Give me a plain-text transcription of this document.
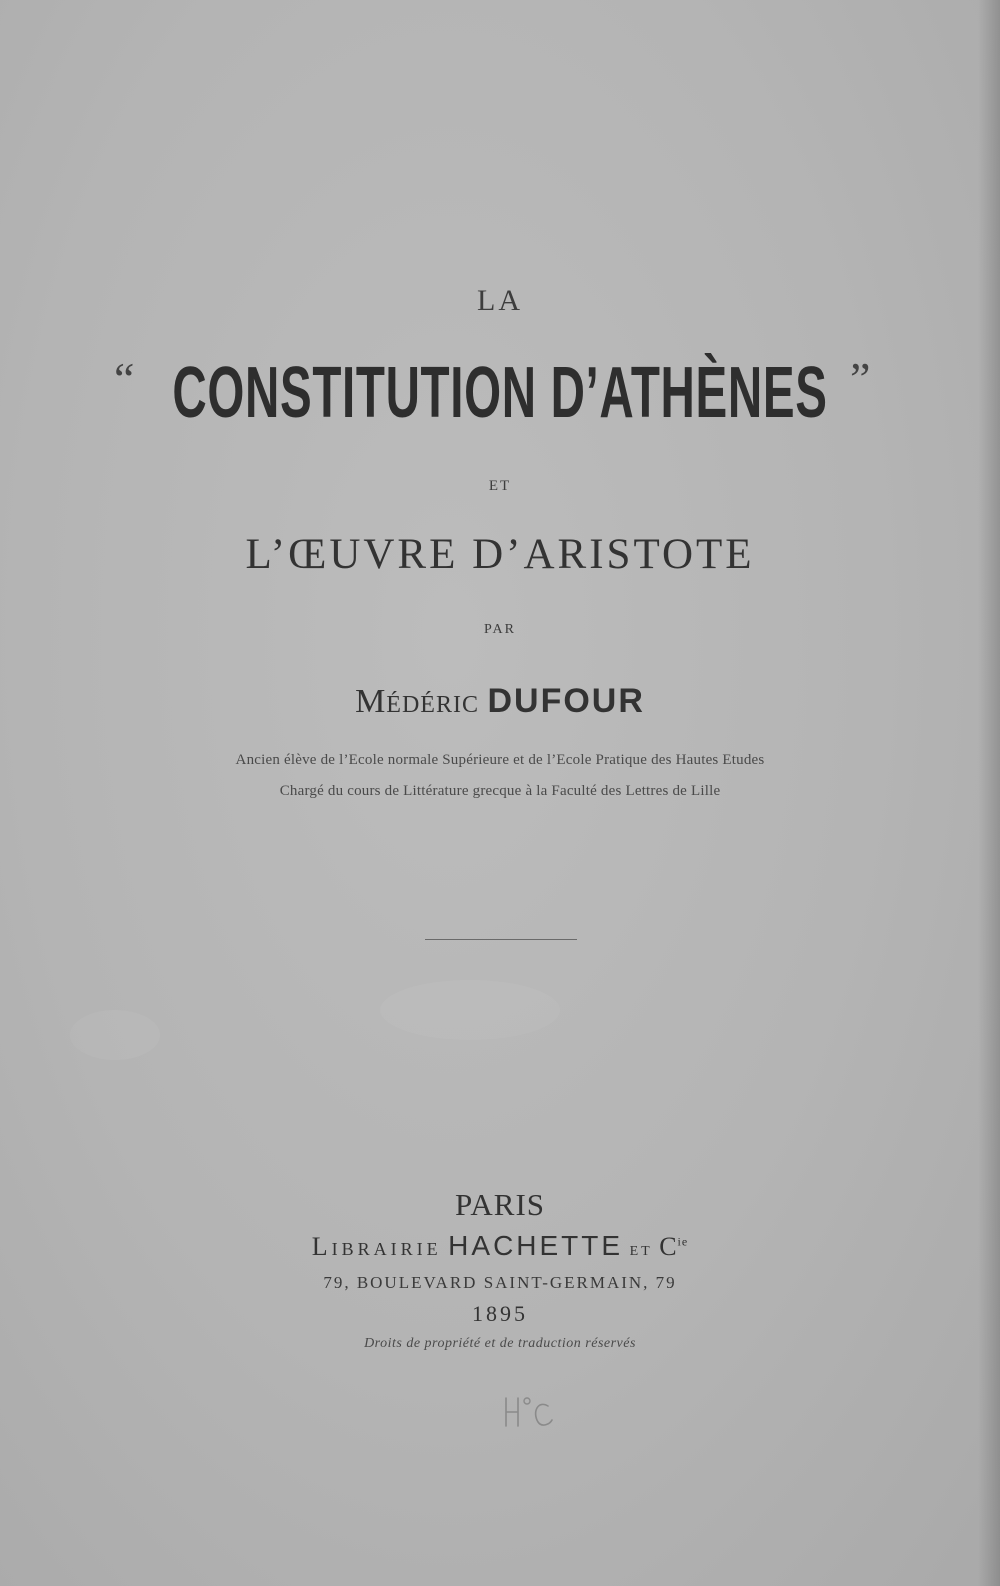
LA
“ CONSTITUTION D’ATHÈNES ”
ET
L’ŒUVRE D’ARISTOTE
PAR
Médéric DUFOUR
Ancien élève de l’Ecole normale Supérieure et de l’Ecole Pratique des Hautes Etudes
Chargé du cours de Littérature grecque à la Faculté des Lettres de Lille
PARIS
Librairie HACHETTE et $C^{ie}$
79, BOULEVARD SAINT-GERMAIN, 79
1895
Droits de propriété et de traduction réservés
